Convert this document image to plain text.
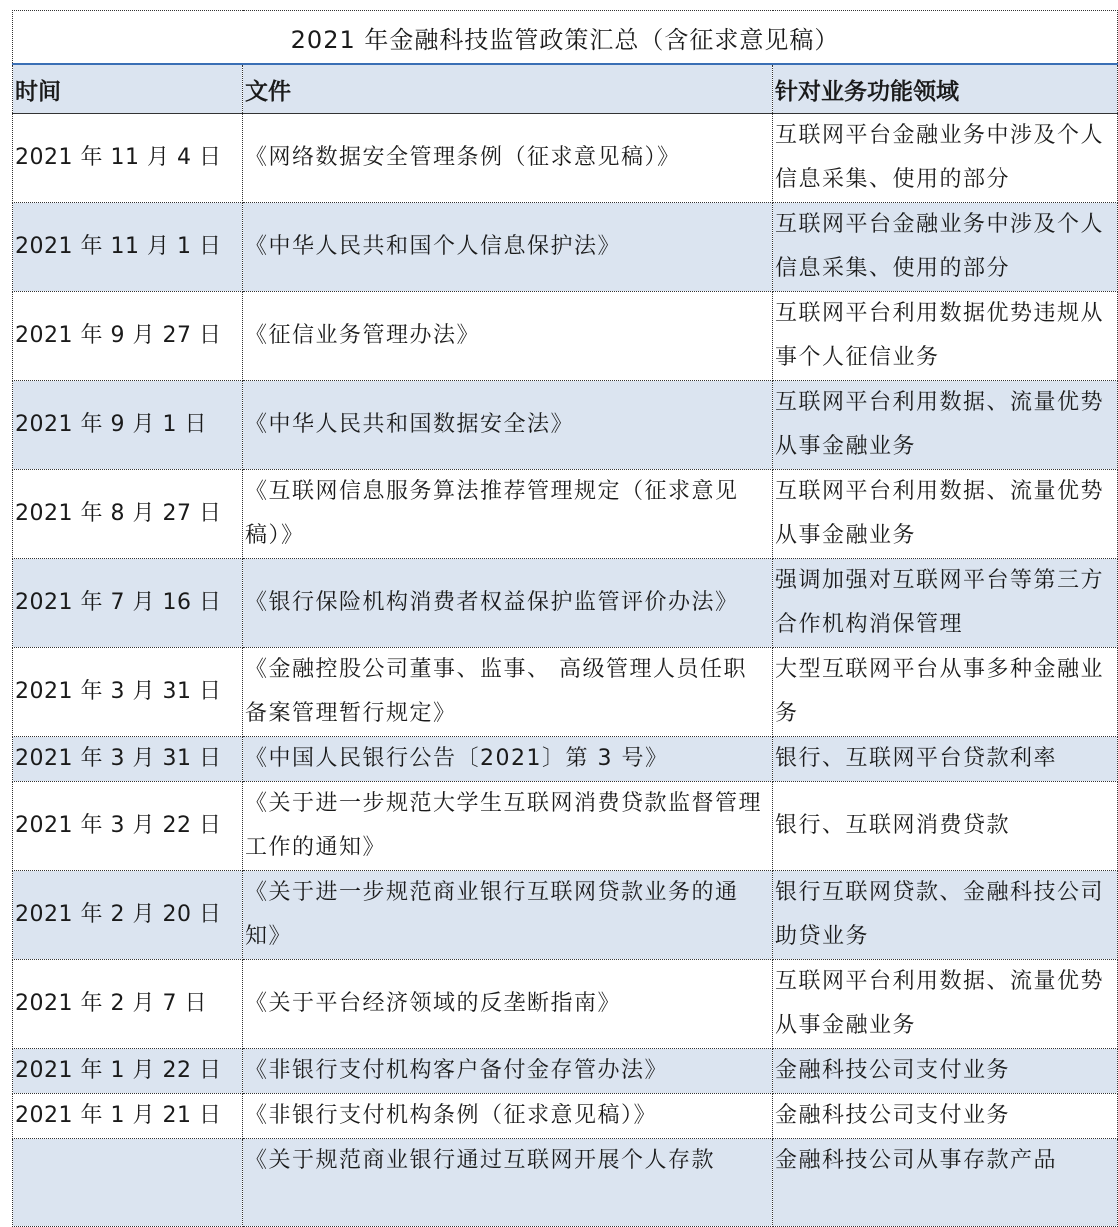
2021 年金融科技监管政策汇总（含征求意见稿）		
时间	文件	针对业务功能领域
2021 年 11 月 4 日	《网络数据安全管理条例（征求意见稿）》	互联网平台金融业务中涉及个人信息采集、使用的部分
2021 年 11 月 1 日	《中华人民共和国个人信息保护法》	互联网平台金融业务中涉及个人信息采集、使用的部分
2021 年 9 月 27 日	《征信业务管理办法》	互联网平台利用数据优势违规从事个人征信业务
2021 年 9 月 1 日	《中华人民共和国数据安全法》	互联网平台利用数据、流量优势从事金融业务
2021 年 8 月 27 日	《互联网信息服务算法推荐管理规定（征求意见稿）》	互联网平台利用数据、流量优势从事金融业务
2021 年 7 月 16 日	《银行保险机构消费者权益保护监管评价办法》	强调加强对互联网平台等第三方合作机构消保管理
2021 年 3 月 31 日	《金融控股公司董事、监事、 高级管理人员任职备案管理暂行规定》	大型互联网平台从事多种金融业务
2021 年 3 月 31 日	《中国人民银行公告〔2021〕第 3 号》	银行、互联网平台贷款利率
2021 年 3 月 22 日	《关于进一步规范大学生互联网消费贷款监督管理工作的通知》	银行、互联网消费贷款
2021 年 2 月 20 日	《关于进一步规范商业银行互联网贷款业务的通知》	银行互联网贷款、金融科技公司助贷业务
2021 年 2 月 7 日	《关于平台经济领域的反垄断指南》	互联网平台利用数据、流量优势从事金融业务
2021 年 1 月 22 日	《非银行支付机构客户备付金存管办法》	金融科技公司支付业务
2021 年 1 月 21 日	《非银行支付机构条例（征求意见稿）》	金融科技公司支付业务
	《关于规范商业银行通过互联网开展个人存款	金融科技公司从事存款产品
